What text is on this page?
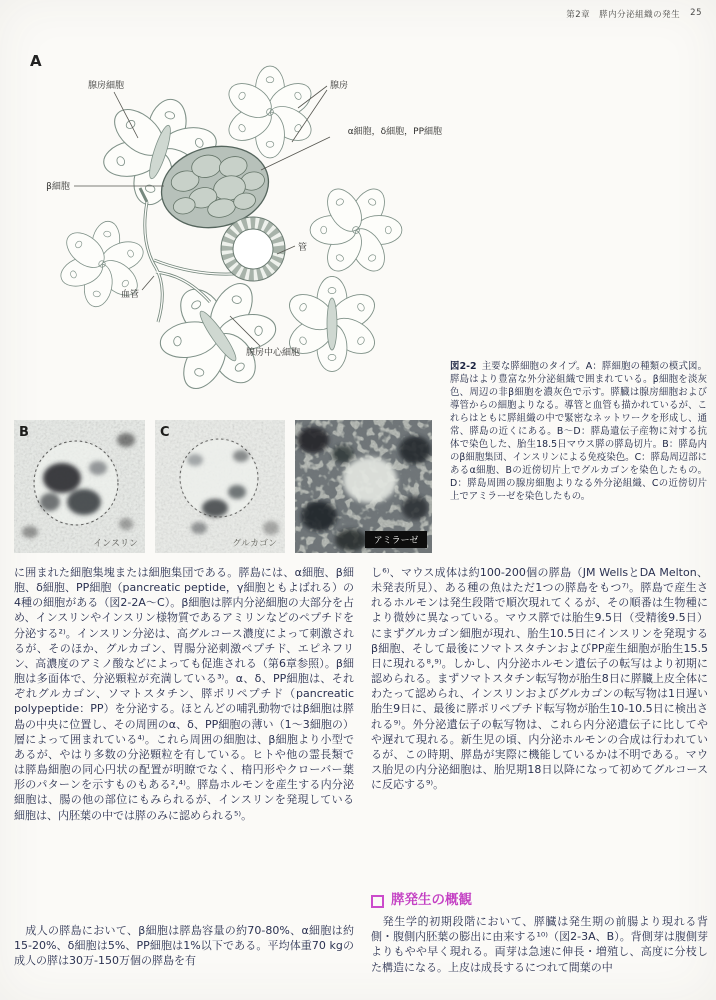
第2章　膵内分泌組織の発生 25
A
腺房細胞	腺房
α細胞，δ細胞，PP細胞
β細胞
管
血管
腺房中心細胞
B
インスリン
C
グルカゴン	アミラーゼ
図2-2 主要な膵細胞のタイプ。A：膵細胞の種類の模式図。膵島はより豊富な外分泌組織で囲まれている。β細胞を淡灰色、周辺の非β細胞を濃灰色で示す。膵臓は腺房細胞および導管からの細胞よりなる。導管と血管も描かれているが、これらはともに膵組織の中で緊密なネットワークを形成し、通常、膵島の近くにある。B〜D：膵島遺伝子産物に対する抗体で染色した、胎生18.5日マウス膵の膵島切片。B：膵島内のβ細胞集団、インスリンによる免疫染色。C：膵島周辺部にあるα細胞、Bの近傍切片上でグルカゴンを染色したもの。D：膵島周囲の腺房細胞よりなる外分泌組織、Cの近傍切片上でアミラーゼを染色したもの。

に囲まれた細胞集塊または細胞集団である。膵島には、α細胞、β細胞、δ細胞、PP細胞（pancreatic peptide，γ細胞ともよばれる）の4種の細胞がある（図2-2A〜C）。β細胞は膵内分泌細胞の大部分を占め、インスリンやインスリン様物質であるアミリンなどのペプチドを分泌する²⁾。インスリン分泌は、高グルコース濃度によって刺激されるが、そのほか、グルカゴン、胃腸分泌刺激ペプチド、エピネフリン、高濃度のアミノ酸などによっても促進される（第6章参照）。β細胞は多面体で、分泌顆粒が充満している³⁾。α、δ、PP細胞は、それぞれグルカゴン、ソマトスタチン、膵ポリペプチド（pancreatic polypeptide：PP）を分泌する。ほとんどの哺乳動物ではβ細胞は膵島の中央に位置し、その周囲のα、δ、PP細胞の薄い（1〜3細胞の）層によって囲まれている⁴⁾。これら周囲の細胞は、β細胞より小型であるが、やはり多数の分泌顆粒を有している。ヒトや他の霊長類では膵島細胞の同心円状の配置が明瞭でなく、楕円形やクローバー葉形のパターンを示すものもある²,⁴⁾。膵島ホルモンを産生する内分泌細胞は、腸の他の部位にもみられるが、インスリンを発現している細胞は、内胚葉の中では膵のみに認められる⁵⁾。

　成人の膵島において、β細胞は膵島容量の約70-80%、α細胞は約15-20%、δ細胞は5%、PP細胞は1%以下である。平均体重70 kgの成人の膵は30万-150万個の膵島を有

し⁶⁾、マウス成体は約100-200個の膵島（JM WellsとDA Melton、未発表所見）、ある種の魚はただ1つの膵島をもつ⁷⁾。膵島で産生されるホルモンは発生段階で順次現れてくるが、その順番は生物種により微妙に異なっている。マウス膵では胎生9.5日（受精後9.5日）にまずグルカゴン細胞が現れ、胎生10.5日にインスリンを発現するβ細胞、そして最後にソマトスタチンおよびPP産生細胞が胎生15.5日に現れる⁸,⁹⁾。しかし、内分泌ホルモン遺伝子の転写はより初期に認められる。まずソマトスタチン転写物が胎生8日に膵臓上皮全体にわたって認められ、インスリンおよびグルカゴンの転写物は1日遅い胎生9日に、最後に膵ポリペプチド転写物が胎生10-10.5日に検出される⁹⁾。外分泌遺伝子の転写物は、これら内分泌遺伝子に比してやや遅れて現れる。新生児の頃、内分泌ホルモンの合成は行われているが、この時期、膵島が実際に機能しているかは不明である。マウス胎児の内分泌細胞は、胎児期18日以降になって初めてグルコースに反応する⁹⁾。

膵発生の概観

　発生学的初期段階において、膵臓は発生期の前腸より現れる背側・腹側内胚葉の膨出に由来する¹⁰⁾（図2-3A、B）。背側芽は腹側芽よりもやや早く現れる。両芽は急速に伸長・増殖し、高度に分枝した構造になる。上皮は成長するにつれて間葉の中
